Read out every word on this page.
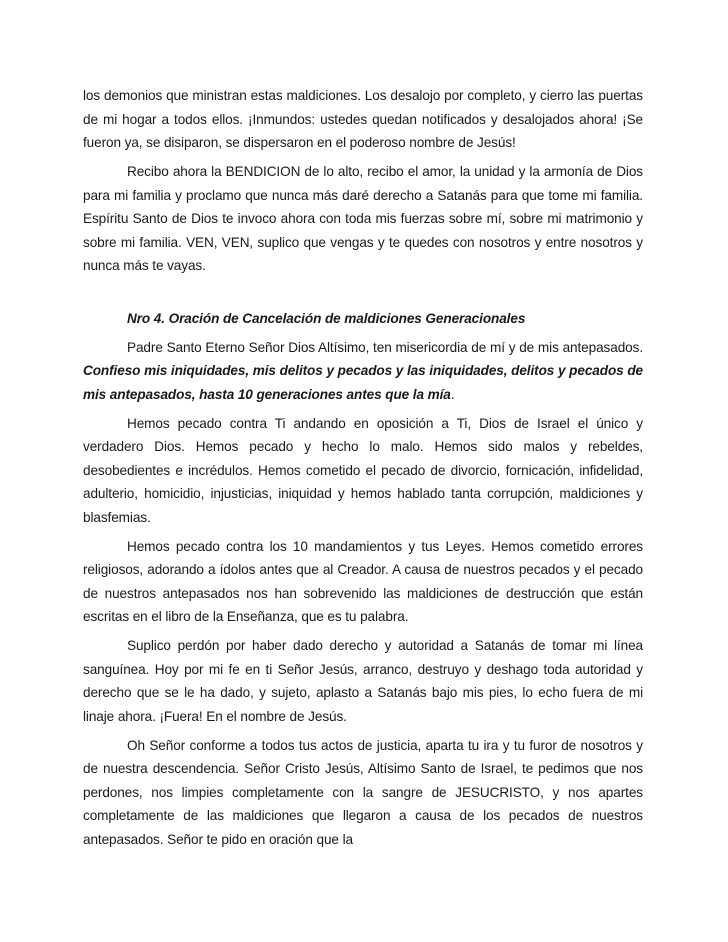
los demonios que ministran estas maldiciones. Los desalojo por completo, y cierro las puertas de mi hogar a todos ellos. ¡Inmundos: ustedes quedan notificados y desalojados ahora! ¡Se fueron ya, se disiparon, se dispersaron en el poderoso nombre de Jesús!

Recibo ahora la BENDICION de lo alto, recibo el amor, la unidad y la armonía de Dios para mi familia y proclamo que nunca más daré derecho a Satanás para que tome mi familia. Espíritu Santo de Dios te invoco ahora con toda mis fuerzas sobre mí, sobre mi matrimonio y sobre mi familia. VEN, VEN, suplico que vengas y te quedes con nosotros y entre nosotros y nunca más te vayas.

Nro 4. Oración de Cancelación de maldiciones Generacionales

Padre Santo Eterno Señor Dios Altísimo, ten misericordia de mí y de mis antepasados. Confieso mis iniquidades, mis delitos y pecados y las iniquidades, delitos y pecados de mis antepasados, hasta 10 generaciones antes que la mía.

Hemos pecado contra Ti andando en oposición a Ti, Dios de Israel el único y verdadero Dios. Hemos pecado y hecho lo malo. Hemos sido malos y rebeldes, desobedientes e incrédulos. Hemos cometido el pecado de divorcio, fornicación, infidelidad, adulterio, homicidio, injusticias, iniquidad y hemos hablado tanta corrupción, maldiciones y blasfemias.

Hemos pecado contra los 10 mandamientos y tus Leyes. Hemos cometido errores religiosos, adorando a ídolos antes que al Creador. A causa de nuestros pecados y el pecado de nuestros antepasados nos han sobrevenido las maldiciones de destrucción que están escritas en el libro de la Enseñanza, que es tu palabra.

Suplico perdón por haber dado derecho y autoridad a Satanás de tomar mi línea sanguínea. Hoy por mi fe en ti Señor Jesús, arranco, destruyo y deshago toda autoridad y derecho que se le ha dado, y sujeto, aplasto a Satanás bajo mis pies, lo echo fuera de mi linaje ahora. ¡Fuera! En el nombre de Jesús.

Oh Señor conforme a todos tus actos de justicia, aparta tu ira y tu furor de nosotros y de nuestra descendencia. Señor Cristo Jesús, Altísimo Santo de Israel, te pedimos que nos perdones, nos limpies completamente con la sangre de JESUCRISTO, y nos apartes completamente de las maldiciones que llegaron a causa de los pecados de nuestros antepasados. Señor te pido en oración que la
